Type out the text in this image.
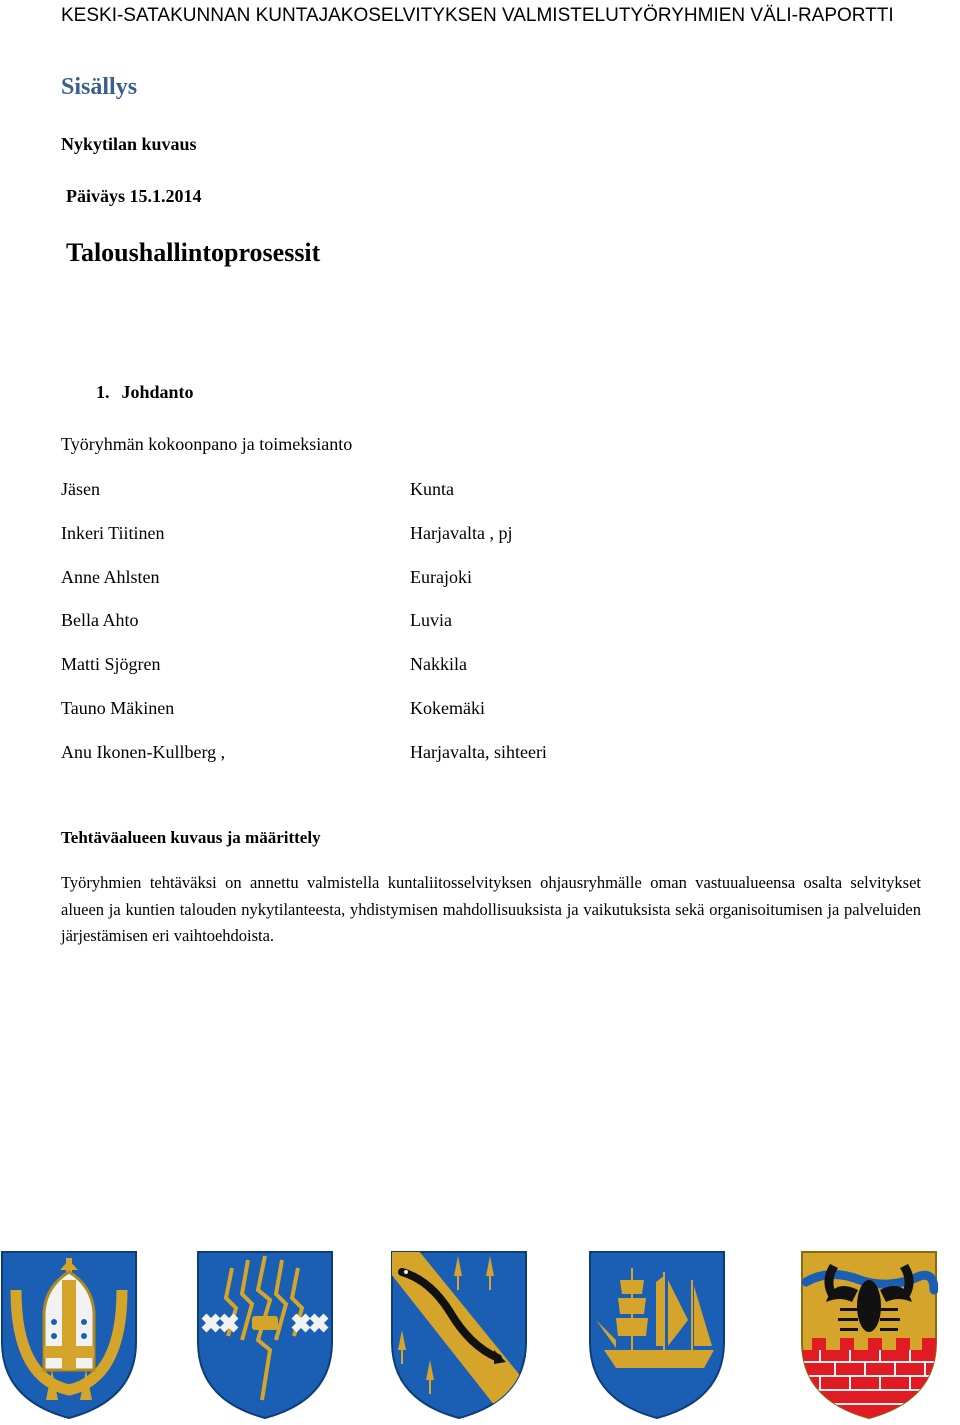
KESKI-SATAKUNNAN KUNTAJAKOSELVITYKSEN VALMISTELUTYÖRYHMIEN VÄLI-RAPORTTI
Sisällys
Nykytilan kuvaus
Päiväys 15.1.2014
Taloushallintoprosessit
1. Johdanto
Työryhmän kokoonpano ja toimeksianto
Jäsen
Inkeri Tiitinen
Anne Ahlsten
Bella Ahto
Matti Sjögren
Tauno Mäkinen
Anu Ikonen-Kullberg ,
Kunta
Harjavalta , pj
Eurajoki
Luvia
Nakkila
Kokemäki
Harjavalta, sihteeri
Tehtäväalueen kuvaus ja määrittely
Työryhmien tehtäväksi on annettu valmistella kuntaliitosselvityksen ohjausryhmälle oman vastuualueensa osalta selvitykset alueen ja kuntien talouden nykytilanteesta, yhdistymisen mahdollisuuksista ja vaikutuksista sekä organisoitumisen ja palveluiden järjestämisen eri vaihtoehdoista.
